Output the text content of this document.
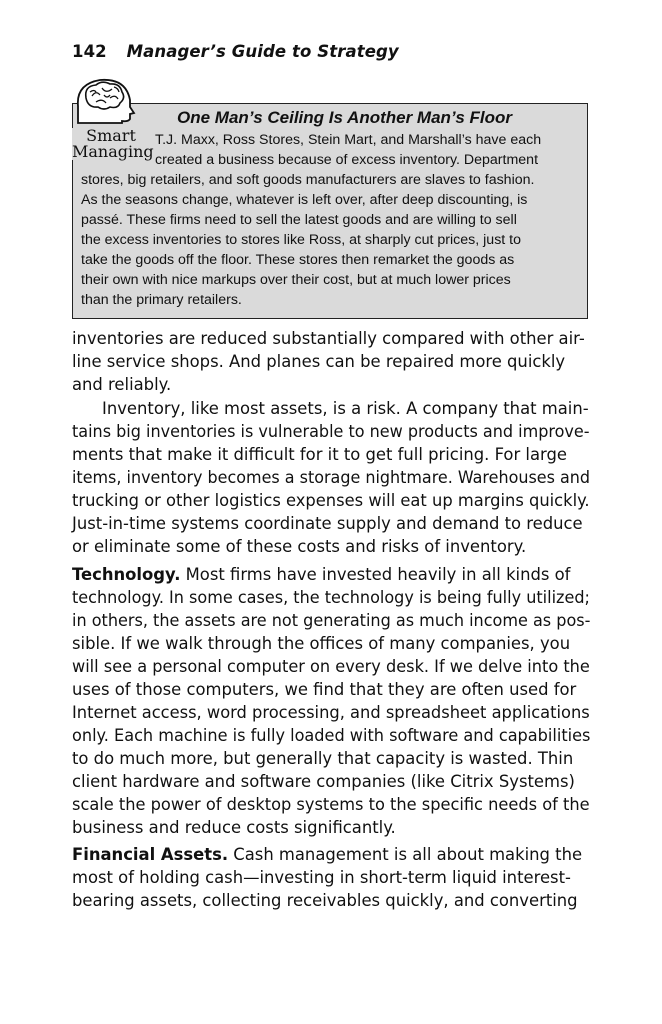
142 Manager’s Guide to Strategy
One Man’s Ceiling Is Another Man’s Floor
T.J. Maxx, Ross Stores, Stein Mart, and Marshall’s have each
created a business because of excess inventory. Department
stores, big retailers, and soft goods manufacturers are slaves to fashion.
As the seasons change, whatever is left over, after deep discounting, is
passé. These firms need to sell the latest goods and are willing to sell
the excess inventories to stores like Ross, at sharply cut prices, just to
take the goods off the floor. These stores then remarket the goods as
their own with nice markups over their cost, but at much lower prices
than the primary retailers.
Smart
Managing
inventories are reduced substantially compared with other air-
line service shops. And planes can be repaired more quickly
and reliably.
Inventory, like most assets, is a risk. A company that main-
tains big inventories is vulnerable to new products and improve-
ments that make it difficult for it to get full pricing. For large
items, inventory becomes a storage nightmare. Warehouses and
trucking or other logistics expenses will eat up margins quickly.
Just-in-time systems coordinate supply and demand to reduce
or eliminate some of these costs and risks of inventory.
Technology. Most firms have invested heavily in all kinds of
technology. In some cases, the technology is being fully utilized;
in others, the assets are not generating as much income as pos-
sible. If we walk through the offices of many companies, you
will see a personal computer on every desk. If we delve into the
uses of those computers, we find that they are often used for
Internet access, word processing, and spreadsheet applications
only. Each machine is fully loaded with software and capabilities
to do much more, but generally that capacity is wasted. Thin
client hardware and software companies (like Citrix Systems)
scale the power of desktop systems to the specific needs of the
business and reduce costs significantly.
Financial Assets. Cash management is all about making the
most of holding cash—investing in short-term liquid interest-
bearing assets, collecting receivables quickly, and converting
